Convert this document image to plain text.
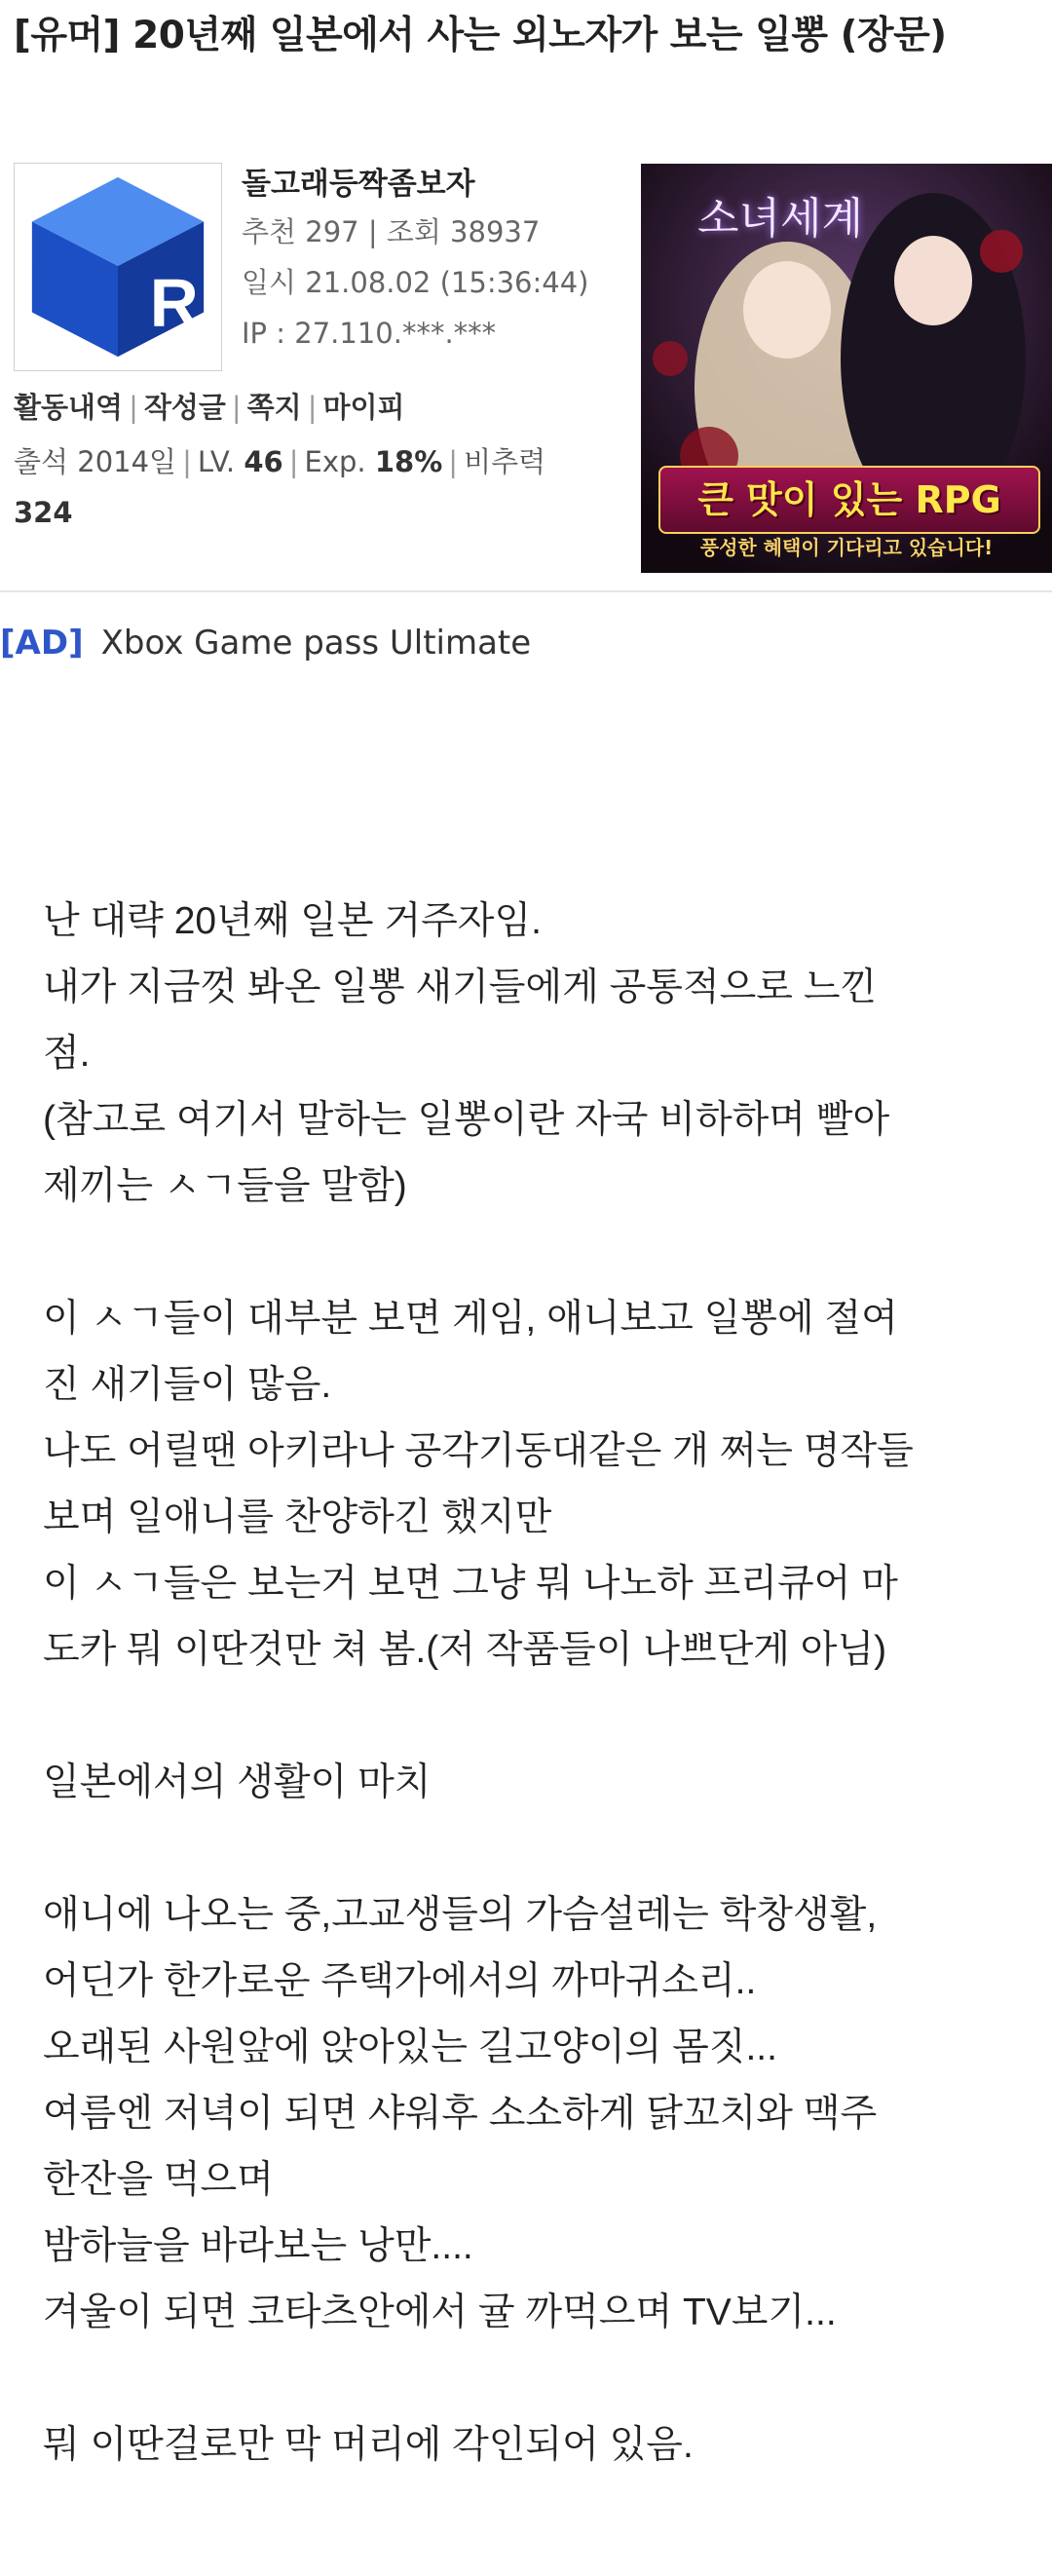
[유머] 20년째 일본에서 사는 외노자가 보는 일뽕 (장문)
R
돌고래등짝좀보자
추천 297 | 조회 38937
일시 21.08.02 (15:36:44)
IP : 27.110.***.***
활동내역 | 작성글 | 쪽지 | 마이피
출석 2014일 | LV. 46 | Exp. 18% | 비추력
324
소녀세계
큰 맛이 있는 RPG
풍성한 혜택이 기다리고 있습니다!
[AD] Xbox Game pass Ultimate
난 대략 20년째 일본 거주자임.
내가 지금껏 봐온 일뽕 새기들에게 공통적으로 느낀
점.
(참고로 여기서 말하는 일뽕이란 자국 비하하며 빨아
제끼는 ㅅㄱ들을 말함)
이 ㅅㄱ들이 대부분 보면 게임, 애니보고 일뽕에 절여
진 새기들이 많음.
나도 어릴땐 아키라나 공각기동대같은 개 쩌는 명작들
보며 일애니를 찬양하긴 했지만
이 ㅅㄱ들은 보는거 보면 그냥 뭐 나노하 프리큐어 마
도카 뭐 이딴것만 쳐 봄.(저 작품들이 나쁘단게 아님)
일본에서의 생활이 마치
애니에 나오는 중,고교생들의 가슴설레는 학창생활,
어딘가 한가로운 주택가에서의 까마귀소리..
오래된 사원앞에 앉아있는 길고양이의 몸짓...
여름엔 저녁이 되면 샤워후 소소하게 닭꼬치와 맥주
한잔을 먹으며
밤하늘을 바라보는 낭만....
겨울이 되면 코타츠안에서 귤 까먹으며 TV보기...
뭐 이딴걸로만 막 머리에 각인되어 있음.
